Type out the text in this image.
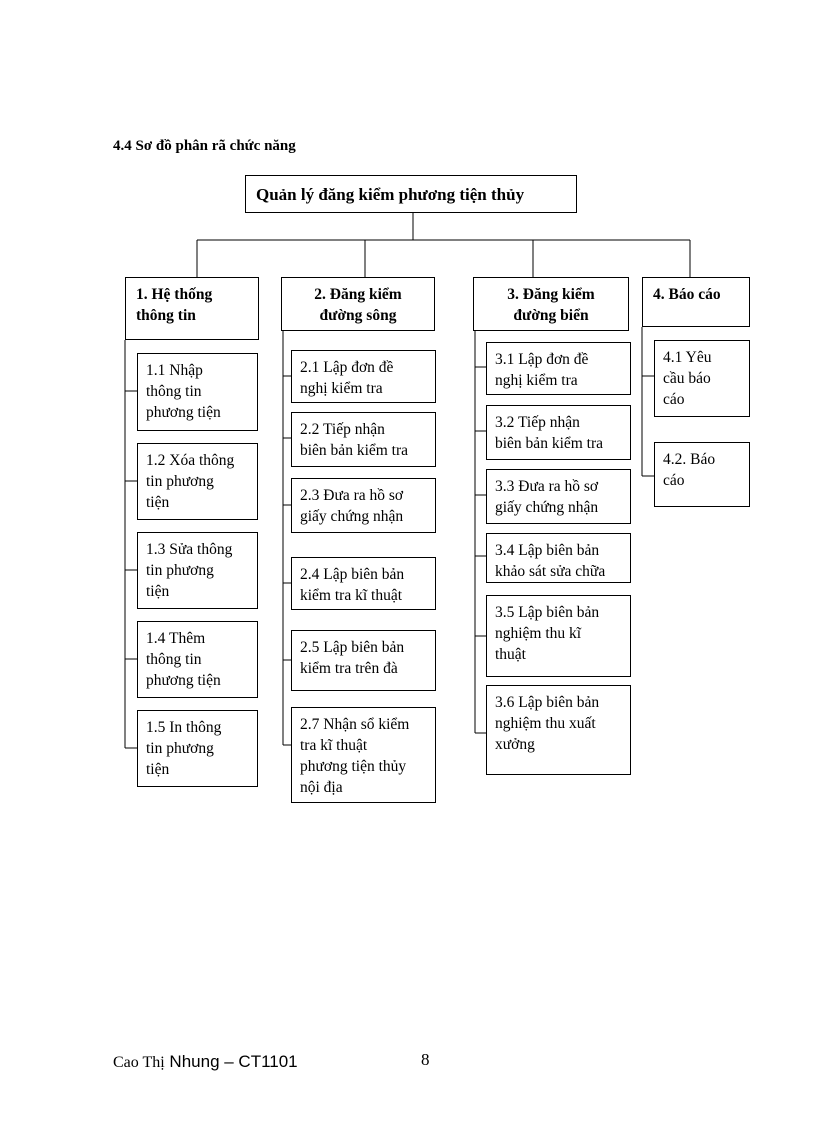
4.4 Sơ đồ phân rã chức năng
Quản lý đăng kiểm phương tiện thủy
1. Hệ thống
thông tin
2. Đăng kiểm
đường sông
3. Đăng kiểm
đường biển
4. Báo cáo
1.1 Nhập
thông tin
phương tiện
1.2 Xóa thông
tin phương
tiện
1.3 Sửa thông
tin phương
tiện
1.4 Thêm
thông tin
phương tiện
1.5 In thông
tin phương
tiện
2.1 Lập đơn đề
nghị kiểm tra
2.2 Tiếp nhận
biên bản kiểm tra
2.3 Đưa ra hồ sơ
giấy chứng nhận
2.4 Lập biên bản
kiểm tra kĩ thuật
2.5 Lập biên bản
kiểm tra trên đà
2.7 Nhận sổ kiểm
tra kĩ thuật
phương tiện thủy
nội địa
3.1 Lập đơn đề
nghị kiểm tra
3.2 Tiếp nhận
biên bản kiểm tra
3.3 Đưa ra hồ sơ
giấy chứng nhận
3.4 Lập biên bản
khảo sát sửa chữa
3.5 Lập biên bản
nghiệm thu kĩ
thuật
3.6 Lập biên bản
nghiệm thu xuất
xưởng
4.1 Yêu
cầu báo
cáo
4.2. Báo
cáo
Cao Thị Nhung – CT1101	8
